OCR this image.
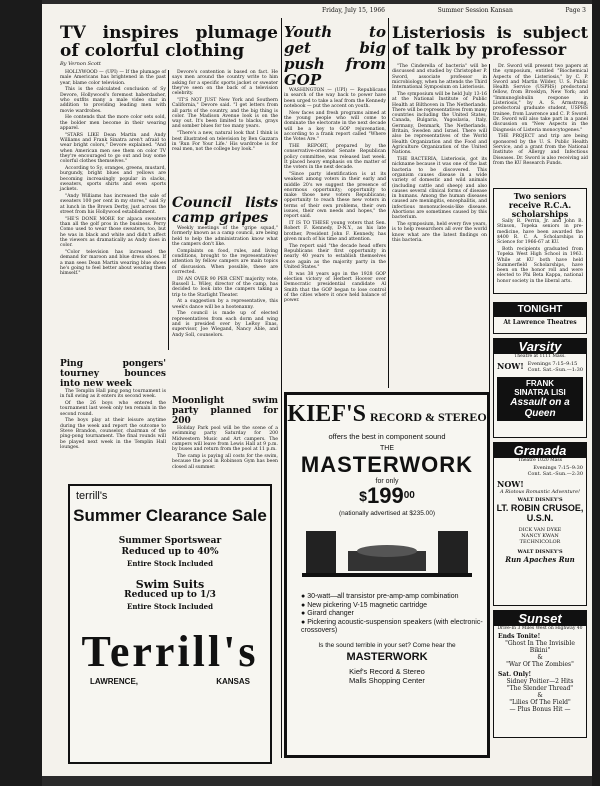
Friday, July 15, 1966	Summer Session Kansan	Page 3
TV inspires plumage of colorful clothing
By Vernon Scott

HOLLYWOOD — (UPI) — If the plumage of male Americans has brightened in the past year, blame color television.

This is the calculated conclusion of Sy Devore, Hollywood's foremost haberdasher, who outfits many a male video star in addition to providing leading men with movie wardrobes.

He contends that the more color sets sold, the bolder men become in their wearing apparel.

"STARS LIKE Dean Martin and Andy Williams and Frank Sinatra aren't afraid to wear bright colors," Devore explained. "And when American men see them on color TV they're encouraged to go out and buy some colorful clothes themselves."

According to Sy, oranges, greens, mustard, burgundy, bright blues and yellows are becoming increasingly popular in slacks, sweaters, sports shirts and even sports jackets.

"Andy Williams has increased the sale of sweaters 100 per cent in my stores," said Sy at lunch in the Brown Derby, just across the street from his Hollywood establishment.

"HE'S DONE MORE for alpaca sweaters than all the golf pros in the business. Perry Como used to wear those sweaters, too, but he was in black and white and didn't affect the viewers as dramatically as Andy does in color.

"Color television has increased the demand for maroon and blue dress shoes. If a man sees Dean Martin wearing blue shoes he's going to feel better about wearing them himself."

Devore's contention is based on fact. He says men around the country write to him asking for a specific sports jacket or sweater they've seen on the back of a television celebrity.

"IT'S NOT JUST New York and Southern California," Devore said. "I get letters from all parts of the country, and the big thing is color. The Madison Avenue look is on the way out. It's been limited to blacks, grays and somber blues for too many years.

"There's a new, natural look that I think is best illustrated on television by Ben Gazzara in 'Run For Your Life.' His wardrobe is for real men, not the college boy look."

Council lists camp gripes

Weekly meetings of the "gripe squad," formerly known as a camp council, are being held to help the administration know what the campers don't like.

Complaints on food, rules, and living conditions, brought to the representatives' attention by fellow campers are main topics of discussion. When possible, these are corrected.

IN AN OVER 90 PER CENT majority vote, Russell L. Wiley, director of the camp, has decided to look into the campers taking a trip to the Starlight Theater.

At a suggestion by a representative, this week's dance will be a hootenanny.

The council is made up of elected representatives from each dorm and wing and is presided over by LeRoy Enas, supervisor, Joe Wiegand, Nancy Able, and Andy Soll, counselors.

Moonlight swim party planned for 200

Holiday Park pool will be the scene of a swimming party Saturday for 200 Midwestern Music and Art campers. The campers will leave from Lewis Hall at 9 p.m. by buses and return from the pool at 11 p.m.

The camp is paying all costs for the swim, because the pool in Robinson Gym has been closed all summer.

Ping pongers' tourney bounces into new week

The Templin Hall ping pong tournament is in full swing as it enters its second week.

Of the 26 boys who entered the tournament last week only ten remain in the second round.

The boys play at their leisure anytime during the week and report the outcome to Steve Brandon, counselor, chairman of the ping-pong tournament. The final rounds will be played next week in the Templin Hall lounges.

Youth to get big push from GOP

WASHINGTON — (UPI) — Republicans in search of the way back to power have been urged to take a leaf from the Kennedy notebook — put the accent on youth.

New faces and fresh programs aimed at the young people who will come to dominate the electorate in the next decade will be a key to GOP rejuvenation, according to a frank report called "Where the Votes Are."

THE REPORT, prepared by the conservative-oriented Senate Republican policy committee, was released last week. It placed heavy emphasis on the matter of the voters in the next decade.

"Since party identification is at its weakest among voters in their early and middle 20's we suggest the presence of enormous opportunity; opportunity to make those new voters Republicans; opportunity to reach these new voters in terms of their own problems, their own issues, their own needs and hopes," the report said.

IT IS TO THESE young voters that Sen. Robert F. Kennedy, D-N.Y., as his late brother, President John F. Kennedy, has given much of his time and attention.

The report said "the decade head offers Republicans their first opportunity in nearly 40 years to establish themselves once again as the majority party in the United States."

It was 38 years ago in the 1928 GOP election victory of Herbert Hoover over Democratic presidential candidate Al Smith that the GOP began to lose control of the cities where it once held balance of power.

Listeriosis is subject of talk by professor

"The Cinderella of bacteria" will be discussed and studied by Christopher P. Sword, associate professor in microbiology, when he attends the Third International Symposium on Listeriosis.

The symposium will be held July 13-16 at the National Institute of Public Health at Bilthoven in The Netherlands. There will be representatives from many countries including the United States, Canada, Bulgaria, Yugoslavia, Italy, Germany, Denmark, The Netherlands, Britain, Sweden and Israel. There will also be representatives of the World Health Organization and the Food and Agriculture Organization of the United Nations.

THE BACTERIA, Listeriosis, got its nickname because it was one of the last bacteria to be discovered. This organism causes disease in a wide variety of domestic and wild animals (including cattle and sheep) and also causes several clinical forms of disease in humans. Among the human diseases caused are meningitis, encephalitis, and infectious mononucleosis-like disease. Abortions are sometimes caused by this bacterium.

The symposium, held every five years, is to help researchers all over the world know what are the latest findings on this bacteria.

Dr. Sword will present two papers at the symposium, entitled "Biochemical Aspects of the Listeriosis," by C. P. Sword and Martin Wilder, U. S. Public Health Service (USPHS) predoctoral fellow, from Brooklyn, New York; and "Immunoglobulin response in Listeriosis," by A. S. Armstrong, predoctoral graduate student, USPHS trainee, from Lawrence and C. P. Sword. Dr. Sword will also take part in a panel discussion on "New Aspects in the Diagnosis of Listeria monocytogenes."

THE PROJECT and trip are being sponsored by the U. S. Public Health Service, and a grant from the National Institute of Allergy and Infectious Diseases. Dr. Sword is also receiving aid from the KU Research Funds.

Two seniors receive R.C.A. scholarships

Sally B. Perrin, Jr. and John B. Stinson, Topeka seniors in pre-medicine, have been awarded the $400 R. C. A. Scholarships in Science for 1966-67 at KU.

Both recipients graduated from Topeka West High School in 1963. While at KU both have held Summerfield Scholarships, have been on the honor roll and were elected to Phi Beta Kappa, national honor society in the liberal arts.

terrill's
Summer Clearance Sale
Summer Sportswear
Reduced up to 40%
Entire Stock Included
Swim Suits
Reduced up to 1/3
Entire Stock Included
Terrill's
LAWRENCE,	KANSAS
KIEF'S RECORD & STEREO
offers the best in component sound
THE
MASTERWORK
for only
$\$199^{00}$
(nationally advertised at $235.00)
● 30-watt—all transistor pre-amp-amp combination
● New pickering V-15 magnetic cartridge
● Girard changer
● Pickering acoustic-suspension speakers (with electronic-crossovers)
Is the sound terrible in your set? Come hear the
MASTERWORK
Kief's Record & Stereo
Malls Shopping Center
TONIGHT
At Lawrence Theatres
Varsity
Theatre at 1111 Mass.
NOW! Evenings 7:15–9:15
Cont. Sat.–Sun.—1:30
FRANK
SINATRA LISI
Assault on a Queen
Granada
Theatre 1020 Mass
Evenings 7:15–9:30
Cont. Sat.–Sun.—2:30
NOW!
A Riotous Romantic Adventure!
WALT DISNEY'S
LT. ROBIN CRUSOE, U.S.N.
DICK VAN DYKE
NANCY KWAN
TECHNICOLOR
WALT DISNEY'S
Run Apaches Run
Sunset
Drive-In 3 Miles West on Highway 40
Ends Tonite!
"Ghost In The Invisible Bikini"
&
"War Of The Zombies"
Sat. Only!
Sidney Poitier—2 Hits
"The Slender Thread"
&
"Lilies Of The Field"
— Plus Bonus Hit —
